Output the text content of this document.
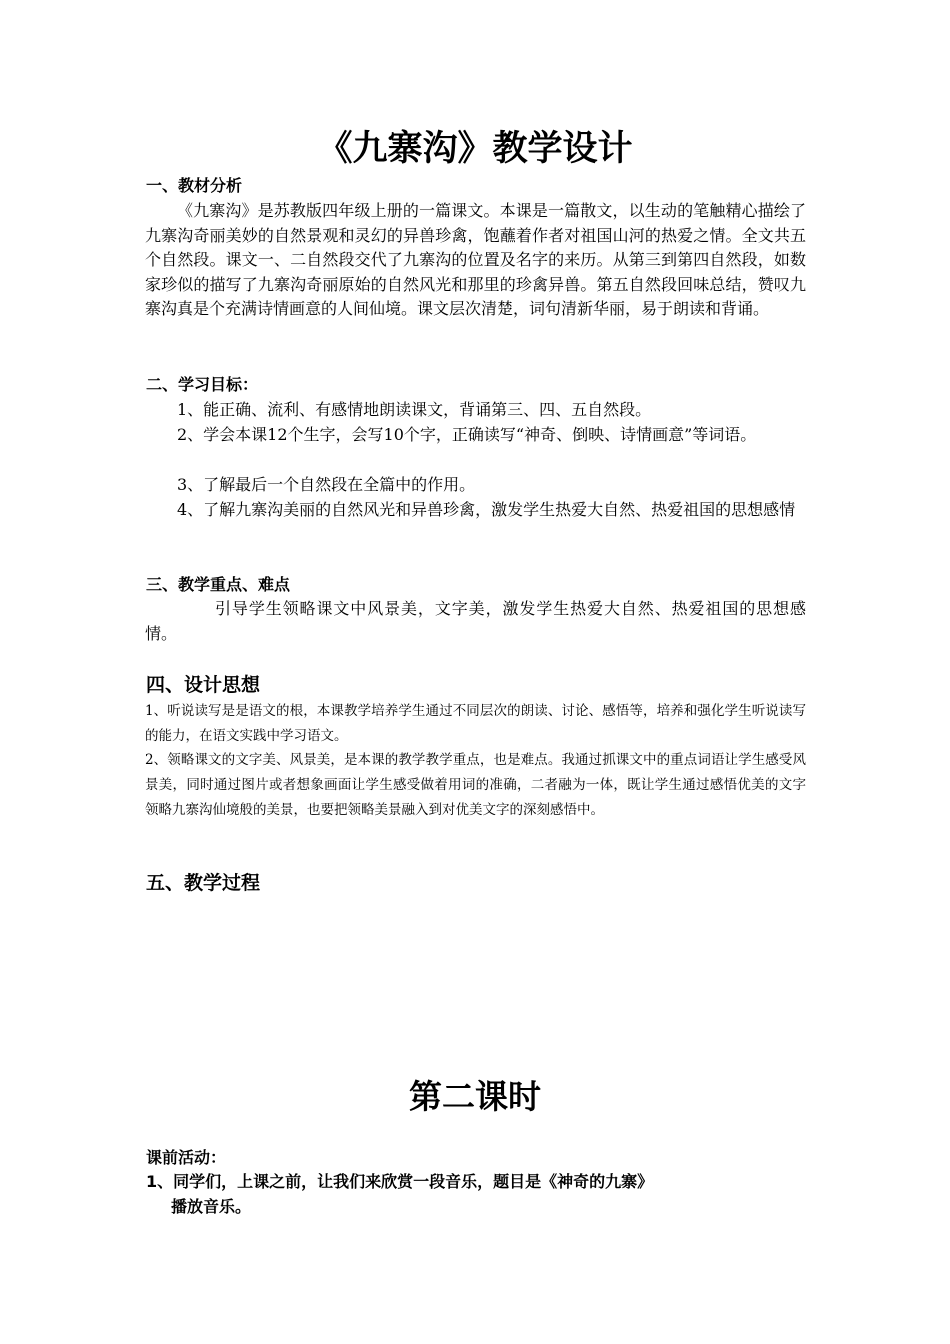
《九寨沟》教学设计
一、教材分析

《九寨沟》是苏教版四年级上册的一篇课文。本课是一篇散文，以生动的笔触精心描绘了九寨沟奇丽美妙的自然景观和灵幻的异兽珍禽，饱蘸着作者对祖国山河的热爱之情。全文共五个自然段。课文一、二自然段交代了九寨沟的位置及名字的来历。从第三到第四自然段，如数家珍似的描写了九寨沟奇丽原始的自然风光和那里的珍禽异兽。第五自然段回味总结，赞叹九寨沟真是个充满诗情画意的人间仙境。课文层次清楚，词句清新华丽，易于朗读和背诵。

二、学习目标：

1、能正确、流利、有感情地朗读课文，背诵第三、四、五自然段。

2、学会本课12个生字，会写10个字，正确读写“神奇、倒映、诗情画意”等词语。

3、了解最后一个自然段在全篇中的作用。

4、了解九寨沟美丽的自然风光和异兽珍禽，激发学生热爱大自然、热爱祖国的思想感情

三、教学重点、难点

引导学生领略课文中风景美，文字美，激发学生热爱大自然、热爱祖国的思想感情。

四、设计思想

1、听说读写是是语文的根，本课教学培养学生通过不同层次的朗读、讨论、感悟等，培养和强化学生听说读写的能力，在语文实践中学习语文。

2、领略课文的文字美、风景美，是本课的教学教学重点，也是难点。我通过抓课文中的重点词语让学生感受风景美，同时通过图片或者想象画面让学生感受做着用词的准确，二者融为一体，既让学生通过感悟优美的文字领略九寨沟仙境般的美景，也要把领略美景融入到对优美文字的深刻感悟中。

五、教学过程
第二课时
课前活动：
1、同学们，上课之前，让我们来欣赏一段音乐，题目是《神奇的九寨》
播放音乐。
